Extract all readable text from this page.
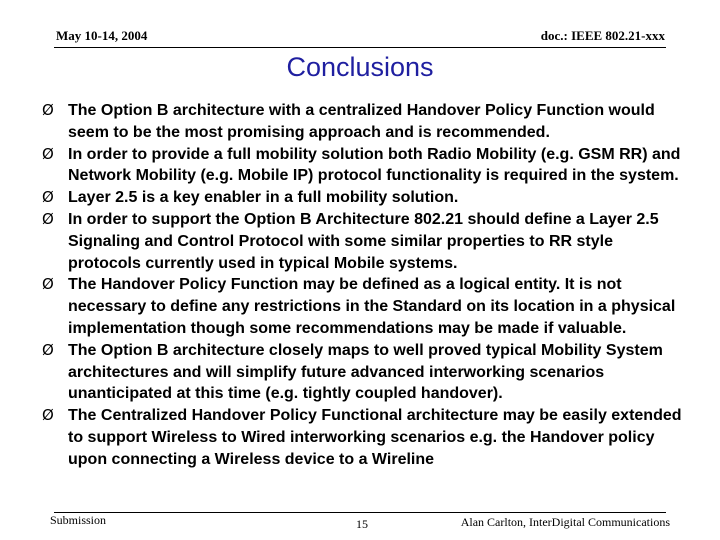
May 10-14, 2004	doc.: IEEE 802.21-xxx
Conclusions
Ø The Option B architecture with a centralized Handover Policy Function would seem to be the most promising approach and is recommended.
Ø In order to provide a full mobility solution both Radio Mobility (e.g. GSM RR) and Network Mobility (e.g. Mobile IP) protocol functionality is required in the system.
Ø Layer 2.5 is a key enabler in a full mobility solution.
Ø In order to support the Option B Architecture 802.21 should define a Layer 2.5 Signaling and Control Protocol with some similar properties to RR style protocols currently used in typical Mobile systems.
Ø The Handover Policy Function may be defined as a logical entity. It is not necessary to define any restrictions in the Standard on its location in a physical implementation though some recommendations may be made if valuable.
Ø The Option B architecture closely maps to well proved typical Mobility System architectures and will simplify future advanced interworking scenarios unanticipated at this time (e.g. tightly coupled handover).
Ø The Centralized Handover Policy Functional architecture may be easily extended to support Wireless to Wired interworking scenarios e.g. the Handover policy upon connecting a Wireless device to a Wireline
Submission	15	Alan Carlton, InterDigital Communications
